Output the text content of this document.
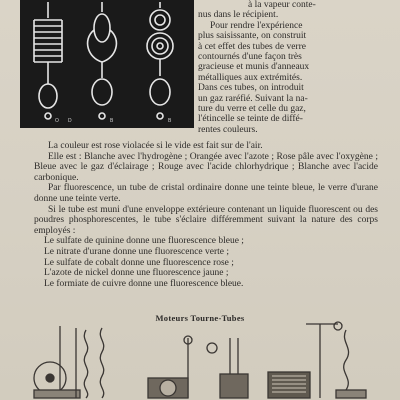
O D	B	B

à la vapeur conte-

nus dans le récipient.

Pour rendre l'expérience

plus saisissante, on construit

à cet effet des tubes de verre

contournés d'une façon très

gracieuse et munis d'anneaux

métalliques aux extrémités.

Dans ces tubes, on introduit

un gaz raréfié. Suivant la na-

ture du verre et celle du gaz,

l'étincelle se teinte de diffé-

rentes couleurs.

La couleur est rose violacée si le vide est fait sur de l'air.

Elle est : Blanche avec l'hydrogène ; Orangée avec l'azote ; Rose pâle avec l'oxygène ; Bleue avec le gaz d'éclairage ; Rouge avec l'acide chlorhydrique ; Blanche avec l'acide carbonique.

Par fluorescence, un tube de cristal ordinaire donne une teinte bleue, le verre d'urane donne une teinte verte.

Si le tube est muni d'une enveloppe extérieure contenant un liquide fluorescent ou des poudres phosphorescentes, le tube s'éclaire différemment suivant la nature des corps employés :

Le sulfate de quinine donne une fluorescence bleue ;

Le nitrate d'urane donne une fluorescence verte ;

Le sulfate de cobalt donne une fluorescence rose ;

L'azote de nickel donne une fluorescence jaune ;

Le formiate de cuivre donne une fluorescence bleue.

Moteurs Tourne-Tubes
